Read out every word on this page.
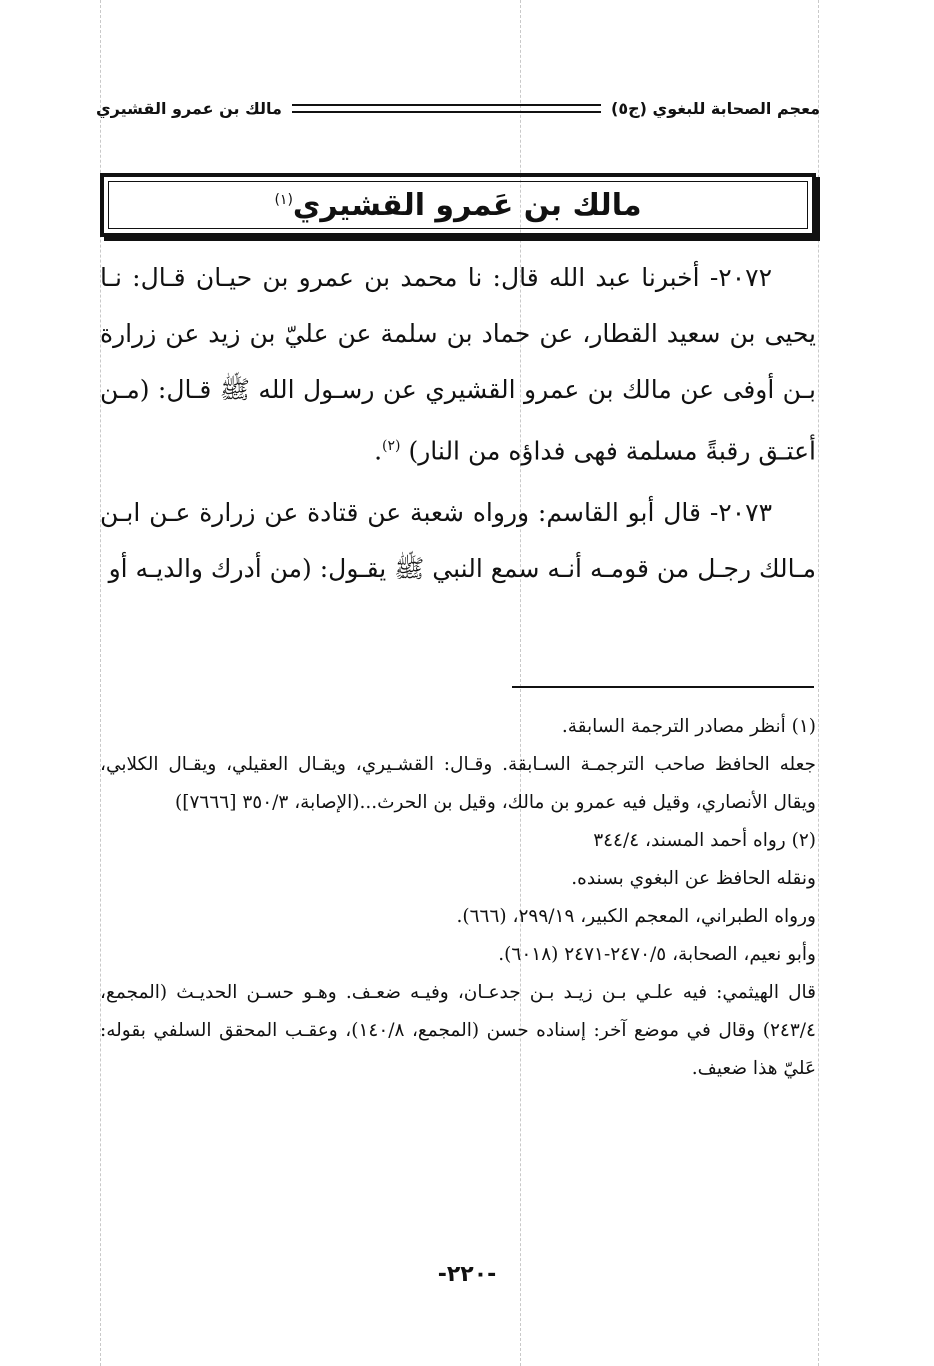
معجم الصحابة للبغوي (ج٥)
مالك بن عمرو القشيري
مالك بن عَمرو القشيري$^{(١)}$

٢٠٧٢- أخبرنا عبد الله قال: نا محمد بن عمرو بن حيـان قـال: نـا يحيى بن سعيد القطار، عن حماد بن سلمة عن عليّ بن زيد عن زرارة بـن أوفى عن مالك بن عمرو القشيري عن رسـول الله ﷺ قـال: (مـن أعتـق رقبةً مسلمة فهى فداؤه من النار) $^{(٢)}$.

٢٠٧٣- قال أبو القاسم: ورواه شعبة عن قتادة عن زرارة عـن ابـن مـالك رجـل من قومـه أنـه سمع النبي ﷺ يقـول: (من أدرك والديـه أو

(١) أنظر مصادر الترجمة السابقة.

جعله الحافظ صاحب الترجمـة السـابقة. وقـال: القشـيري، ويقـال العقيلي، ويقـال الكلابي، ويقال الأنصاري، وقيل فيه عمرو بن مالك، وقيل بن الحرث...(الإصابة، ٣٥٠/٣ [٧٦٦٦])

(٢) رواه أحمد المسند، ٣٤٤/٤

ونقله الحافظ عن البغوي بسنده.

ورواه الطبراني، المعجم الكبير، ٢٩٩/١٩، (٦٦٦).

وأبو نعيم، الصحابة، ٢٤٧٠/٥-٢٤٧١ (٦٠١٨).

قال الهيثمي: فيه علـي بـن زيـد بـن جدعـان، وفيـه ضعـف. وهـو حسـن الحديـث (المجمع، ٢٤٣/٤) وقال في موضع آخر: إسناده حسن (المجمع، ١٤٠/٨)، وعقـب المحقق السلفي بقوله: عَليّ هذا ضعيف.

-٢٢٠-
